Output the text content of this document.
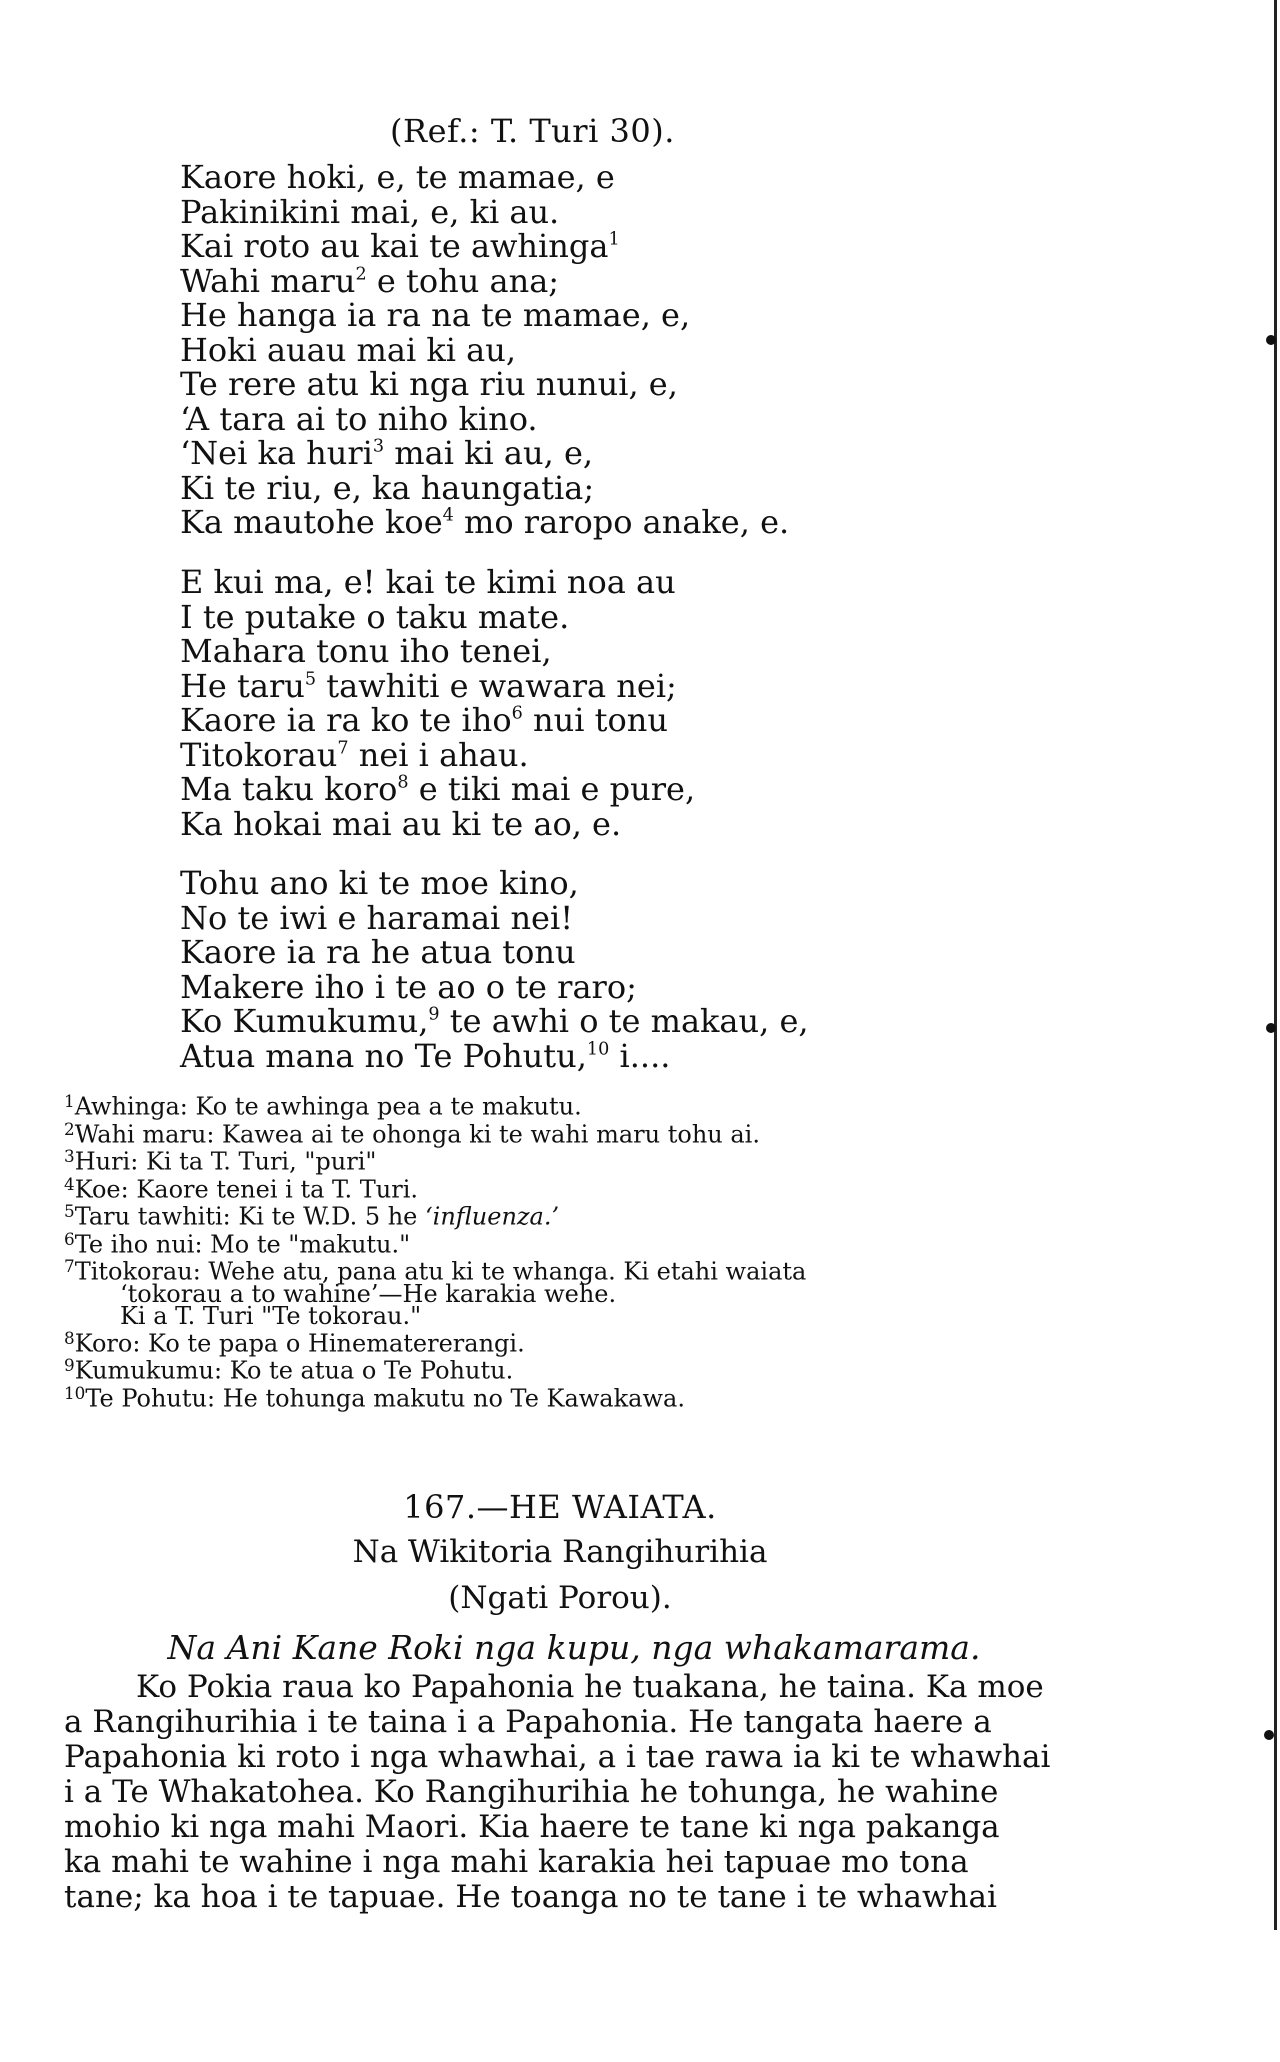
(Ref.: T. Turi 30).
Kaore hoki, e, te mamae, e
Pakinikini mai, e, ki au.
Kai roto au kai te awhinga$^1$
Wahi maru$^2$ e tohu ana;
He hanga ia ra na te mamae, e,
Hoki auau mai ki au,
Te rere atu ki nga riu nunui, e,
‘A tara ai to niho kino.
‘Nei ka huri$^3$ mai ki au, e,
Ki te riu, e, ka haungatia;
Ka mautohe koe$^4$ mo raropo anake, e.
E kui ma, e! kai te kimi noa au
I te putake o taku mate.
Mahara tonu iho tenei,
He taru$^5$ tawhiti e wawara nei;
Kaore ia ra ko te iho$^6$ nui tonu
Titokorau$^7$ nei i ahau.
Ma taku koro$^8$ e tiki mai e pure,
Ka hokai mai au ki te ao, e.
Tohu ano ki te moe kino,
No te iwi e haramai nei!
Kaore ia ra he atua tonu
Makere iho i te ao o te raro;
Ko Kumukumu,$^9$ te awhi o te makau, e,
Atua mana no Te Pohutu,$^{10}$ i....
$^1$Awhinga: Ko te awhinga pea a te makutu.
$^2$Wahi maru: Kawea ai te ohonga ki te wahi maru tohu ai.
$^3$Huri: Ki ta T. Turi, "puri"
$^4$Koe: Kaore tenei i ta T. Turi.
$^5$Taru tawhiti: Ki te W.D. 5 he ‘influenza.’
$^6$Te iho nui: Mo te "makutu."
$^7$Titokorau: Wehe atu, pana atu ki te whanga. Ki etahi waiata
‘tokorau a to wahine’—He karakia wehe.
Ki a T. Turi "Te tokorau."
$^8$Koro: Ko te papa o Hinematererangi.
$^9$Kumukumu: Ko te atua o Te Pohutu.
$^{10}$Te Pohutu: He tohunga makutu no Te Kawakawa.
167.—HE WAIATA.
Na Wikitoria Rangihurihia
(Ngati Porou).
Na Ani Kane Roki nga kupu, nga whakamarama.
Ko Pokia raua ko Papahonia he tuakana, he taina. Ka moe
a Rangihurihia i te taina i a Papahonia. He tangata haere a
Papahonia ki roto i nga whawhai, a i tae rawa ia ki te whawhai
i a Te Whakatohea. Ko Rangihurihia he tohunga, he wahine
mohio ki nga mahi Maori. Kia haere te tane ki nga pakanga
ka mahi te wahine i nga mahi karakia hei tapuae mo tona
tane; ka hoa i te tapuae. He toanga no te tane i te whawhai
